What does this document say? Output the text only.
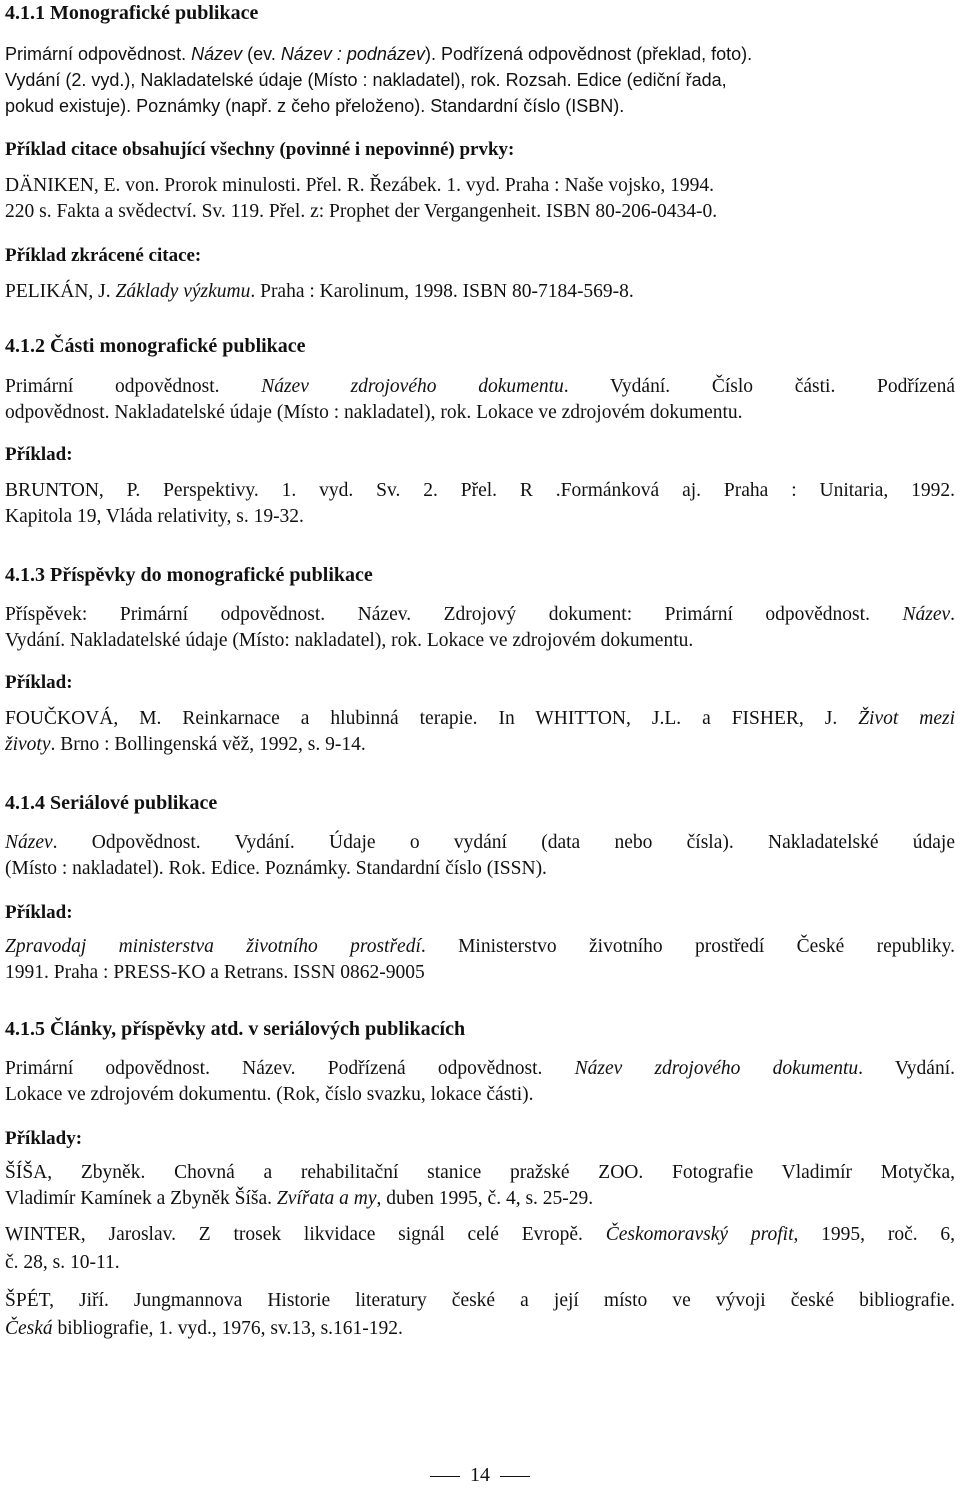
4.1.1 Monografické publikace
Primární odpovědnost. Název (ev. Název : podnázev). Podřízená odpovědnost (překlad, foto).
Vydání (2. vyd.), Nakladatelské údaje (Místo : nakladatel), rok. Rozsah. Edice (ediční řada,
pokud existuje). Poznámky (např. z čeho přeloženo). Standardní číslo (ISBN).
Příklad citace obsahující všechny (povinné i nepovinné) prvky:
DÄNIKEN, E. von. Prorok minulosti. Přel. R. Řezábek. 1. vyd. Praha : Naše vojsko, 1994.
220 s. Fakta a svědectví. Sv. 119. Přel. z: Prophet der Vergangenheit. ISBN 80-206-0434-0.
Příklad zkrácené citace:
PELIKÁN, J. Základy výzkumu. Praha : Karolinum, 1998. ISBN 80-7184-569-8.
4.1.2 Části monografické publikace
Primární odpovědnost. Název zdrojového dokumentu. Vydání. Číslo části. Podřízená
odpovědnost. Nakladatelské údaje (Místo : nakladatel), rok. Lokace ve zdrojovém dokumentu.
Příklad:
BRUNTON, P. Perspektivy. 1. vyd. Sv. 2. Přel. R .Formánková aj. Praha : Unitaria, 1992.
Kapitola 19, Vláda relativity, s. 19-32.
4.1.3 Příspěvky do monografické publikace
Příspěvek: Primární odpovědnost. Název. Zdrojový dokument: Primární odpovědnost. Název.
Vydání. Nakladatelské údaje (Místo: nakladatel), rok. Lokace ve zdrojovém dokumentu.
Příklad:
FOUČKOVÁ, M. Reinkarnace a hlubinná terapie. In WHITTON, J.L. a FISHER, J. Život mezi
životy. Brno : Bollingenská věž, 1992, s. 9-14.
4.1.4 Seriálové publikace
Název. Odpovědnost. Vydání. Údaje o vydání (data nebo čísla). Nakladatelské údaje
(Místo : nakladatel). Rok. Edice. Poznámky. Standardní číslo (ISSN).
Příklad:
Zpravodaj ministerstva životního prostředí. Ministerstvo životního prostředí České republiky.
1991. Praha : PRESS-KO a Retrans. ISSN 0862-9005
4.1.5 Články, příspěvky atd. v seriálových publikacích
Primární odpovědnost. Název. Podřízená odpovědnost. Název zdrojového dokumentu. Vydání.
Lokace ve zdrojovém dokumentu. (Rok, číslo svazku, lokace části).
Příklady:
ŠÍŠA, Zbyněk. Chovná a rehabilitační stanice pražské ZOO. Fotografie Vladimír Motyčka,
Vladimír Kamínek a Zbyněk Šíša. Zvířata a my, duben 1995, č. 4, s. 25-29.
WINTER, Jaroslav. Z trosek likvidace signál celé Evropě. Českomoravský profit, 1995, roč. 6,
č. 28, s. 10-11.
ŠPÉT, Jiří. Jungmannova Historie literatury české a její místo ve vývoji české bibliografie.
Česká bibliografie, 1. vyd., 1976, sv.13, s.161-192.
14
